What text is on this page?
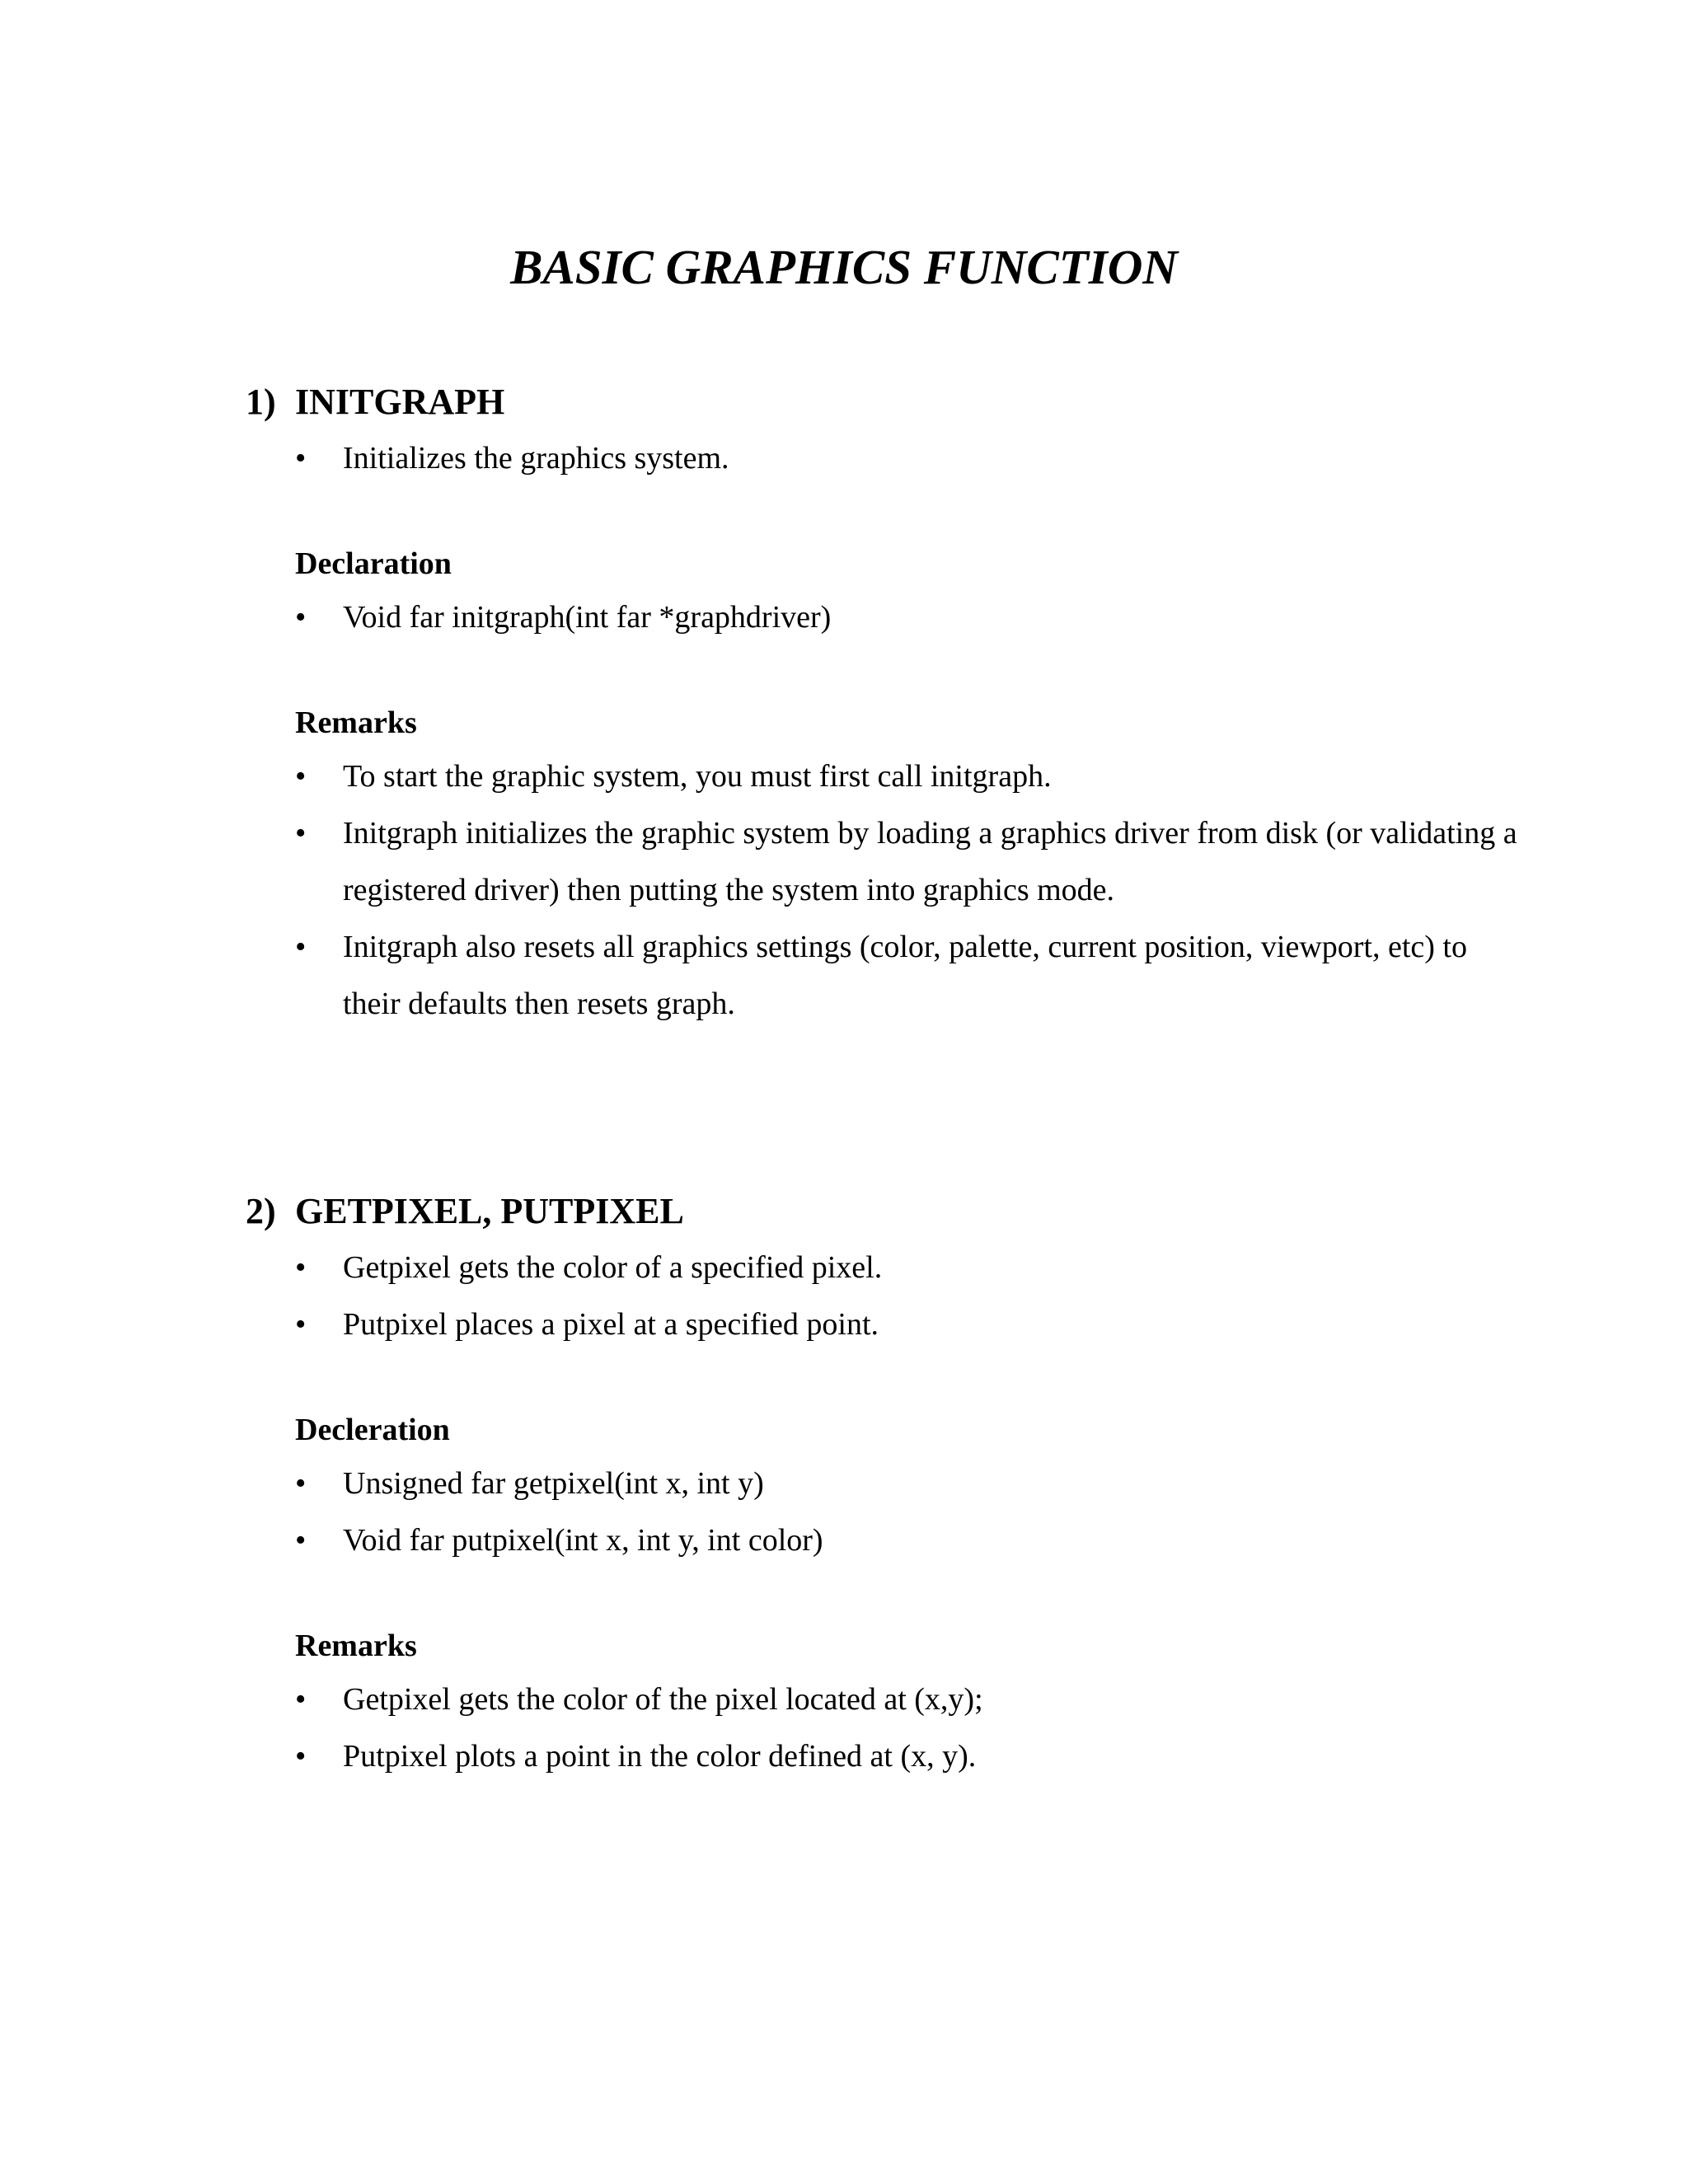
BASIC GRAPHICS FUNCTION
1) INITGRAPH
• Initializes the graphics system.
Declaration
• Void far initgraph(int far *graphdriver)
Remarks
• To start the graphic system, you must first call initgraph.
• Initgraph initializes the graphic system by loading a graphics driver from disk (or validating a registered driver) then putting the system into graphics mode.
• Initgraph also resets all graphics settings (color, palette, current position, viewport, etc) to their defaults then resets graph.
2) GETPIXEL, PUTPIXEL
• Getpixel gets the color of a specified pixel.
• Putpixel places a pixel at a specified point.
Decleration
• Unsigned far getpixel(int x, int y)
• Void far putpixel(int x, int y, int color)
Remarks
• Getpixel gets the color of the pixel located at (x,y);
• Putpixel plots a point in the color defined at (x, y).
